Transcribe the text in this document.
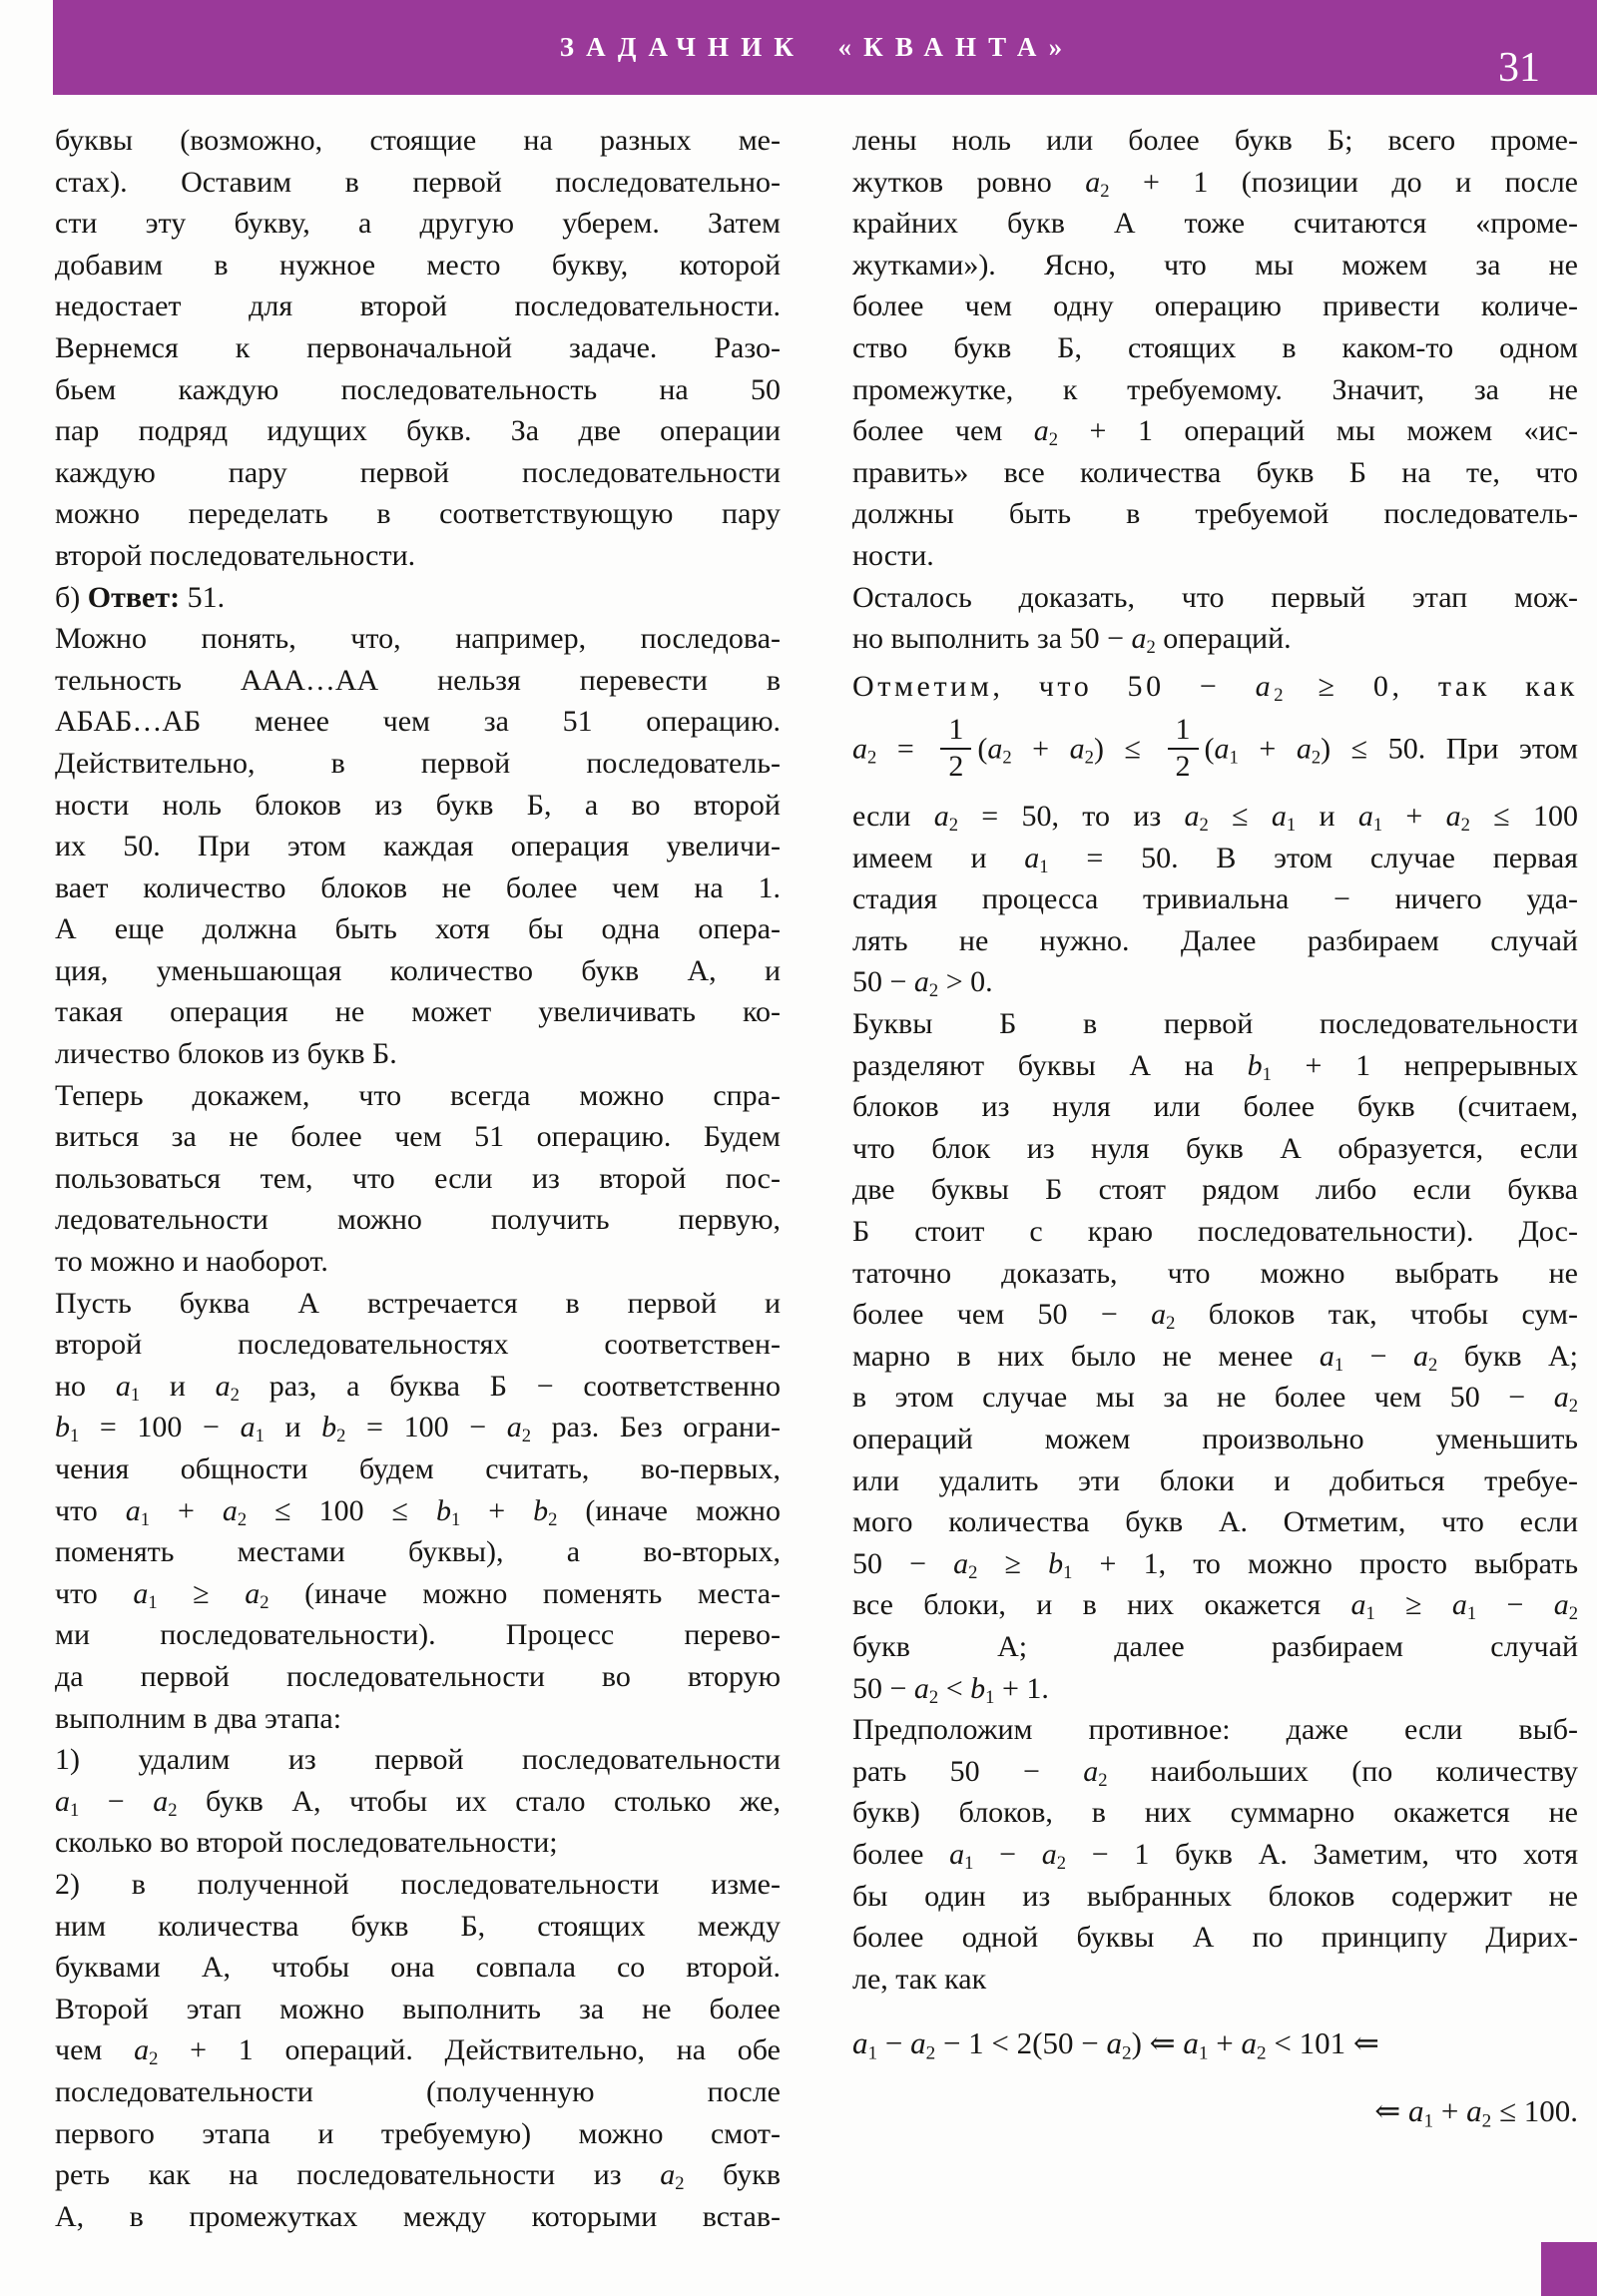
ЗАДАЧНИК «КВАНТА»	31
буквы (возможно, стоящие на разных ме-
стах). Оставим в первой последовательно-
сти эту букву, а другую уберем. Затем
добавим в нужное место букву, которой
недостает для второй последовательности.
Вернемся к первоначальной задаче. Разо-
бьем каждую последовательность на 50
пар подряд идущих букв. За две операции
каждую пару первой последовательности
можно переделать в соответствующую пару
второй последовательности.
б) Ответ: 51.
Можно понять, что, например, последова-
тельность ААА…АА нельзя перевести в
АБАБ…АБ менее чем за 51 операцию.
Действительно, в первой последователь-
ности ноль блоков из букв Б, а во второй
их 50. При этом каждая операция увеличи-
вает количество блоков не более чем на 1.
А еще должна быть хотя бы одна опера-
ция, уменьшающая количество букв А, и
такая операция не может увеличивать ко-
личество блоков из букв Б.
Теперь докажем, что всегда можно спра-
виться за не более чем 51 операцию. Будем
пользоваться тем, что если из второй пос-
ледовательности можно получить первую,
то можно и наоборот.
Пусть буква А встречается в первой и
второй последовательностях соответствен-
но $a_1$ и $a_2$ раз, а буква Б − соответственно
$b_1 = 100 - a_1$ и $b_2 = 100 - a_2$ раз. Без ограни-
чения общности будем считать, во-первых,
что $a_1 + a_2 \le 100 \le b_1 + b_2$ (иначе можно
поменять местами буквы), а во-вторых,
что $a_1 \ge a_2$ (иначе можно поменять места-
ми последовательности). Процесс перево-
да первой последовательности во вторую
выполним в два этапа:
1) удалим из первой последовательности
$a_1 - a_2$ букв А, чтобы их стало столько же,
сколько во второй последовательности;
2) в полученной последовательности изме-
ним количества букв Б, стоящих между
буквами А, чтобы она совпала со второй.
Второй этап можно выполнить за не более
чем $a_2 + 1$ операций. Действительно, на обе
последовательности (полученную после
первого этапа и требуемую) можно смот-
реть как на последовательности из $a_2$ букв
А, в промежутках между которыми встав-
лены ноль или более букв Б; всего проме-
жутков ровно $a_2 + 1$ (позиции до и после
крайних букв А тоже считаются «проме-
жутками»). Ясно, что мы можем за не
более чем одну операцию привести количе-
ство букв Б, стоящих в каком-то одном
промежутке, к требуемому. Значит, за не
более чем $a_2 + 1$ операций мы можем «ис-
править» все количества букв Б на те, что
должны быть в требуемой последователь-
ности.
Осталось доказать, что первый этап мож-
но выполнить за $50 - a_2$ операций.
Отметим, что $50 - a_2 \ge 0$, так как
$a_2 = \frac{1}{2} (a_2 + a_2) \le \frac{1}{2} (a_1 + a_2) \le 50$. При этом
если $a_2 = 50$, то из $a_2 \le a_1$ и $a_1 + a_2 \le 100$
имеем и $a_1 = 50$. В этом случае первая
стадия процесса тривиальна − ничего уда-
лять не нужно. Далее разбираем случай
$50 - a_2 > 0$.
Буквы Б в первой последовательности
разделяют буквы А на $b_1 + 1$ непрерывных
блоков из нуля или более букв (считаем,
что блок из нуля букв А образуется, если
две буквы Б стоят рядом либо если буква
Б стоит с краю последовательности). Дос-
таточно доказать, что можно выбрать не
более чем $50 - a_2$ блоков так, чтобы сум-
марно в них было не менее $a_1 - a_2$ букв А;
в этом случае мы за не более чем $50 - a_2$
операций можем произвольно уменьшить
или удалить эти блоки и добиться требуе-
мого количества букв А. Отметим, что если
$50 - a_2 \ge b_1 + 1$, то можно просто выбрать
все блоки, и в них окажется $a_1 \ge a_1 - a_2$
букв А; далее разбираем случай
$50 - a_2 < b_1 + 1$.
Предположим противное: даже если выб-
рать $50 - a_2$ наибольших (по количеству
букв) блоков, в них суммарно окажется не
более $a_1 - a_2 - 1$ букв А. Заметим, что хотя
бы один из выбранных блоков содержит не
более одной буквы А по принципу Дирих-
ле, так как
$a_1 - a_2 - 1 < 2(50 - a_2)$ ⇐ $a_1 + a_2 < 101$ ⇐
⇐ $a_1 + a_2 \le 100$.
